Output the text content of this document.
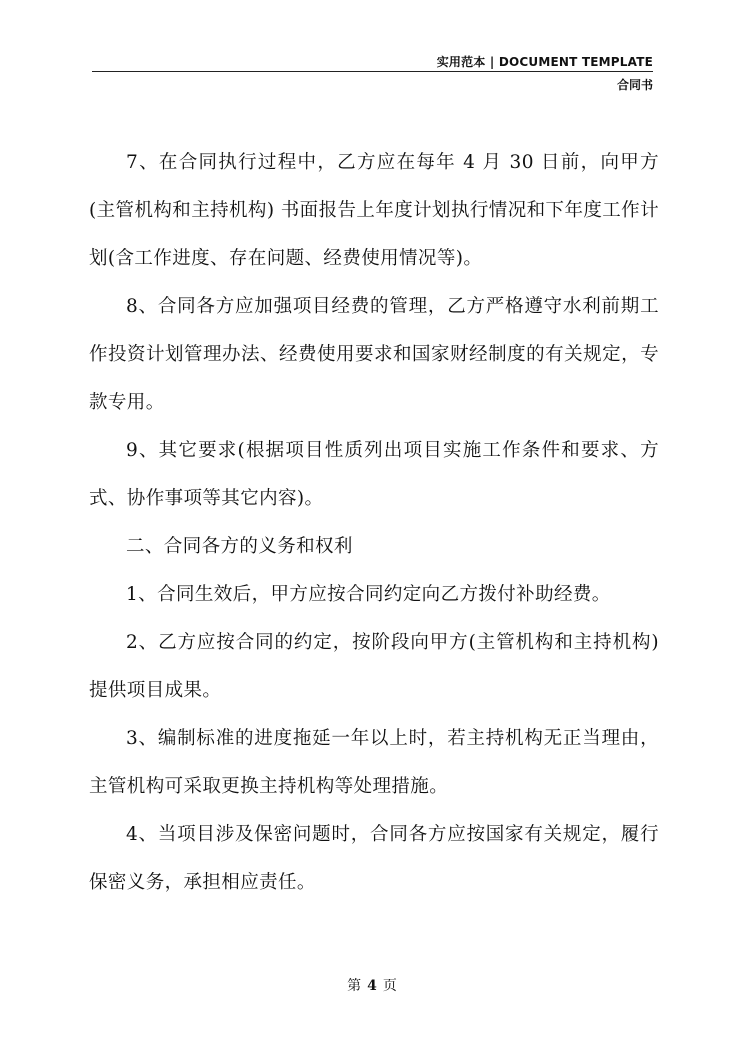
实用范本 | DOCUMENT TEMPLATE
合同书

7、在合同执行过程中，乙方应在每年 4 月 30 日前，向甲方(主管机构和主持机构) 书面报告上年度计划执行情况和下年度工作计划(含工作进度、存在问题、经费使用情况等)。

8、合同各方应加强项目经费的管理，乙方严格遵守水利前期工作投资计划管理办法、经费使用要求和国家财经制度的有关规定，专款专用。

9、其它要求(根据项目性质列出项目实施工作条件和要求、方式、协作事项等其它内容)。

二、合同各方的义务和权利

1、合同生效后，甲方应按合同约定向乙方拨付补助经费。

2、乙方应按合同的约定，按阶段向甲方(主管机构和主持机构)提供项目成果。

3、编制标准的进度拖延一年以上时，若主持机构无正当理由，主管机构可采取更换主持机构等处理措施。

4、当项目涉及保密问题时，合同各方应按国家有关规定，履行保密义务，承担相应责任。

第 4 页
